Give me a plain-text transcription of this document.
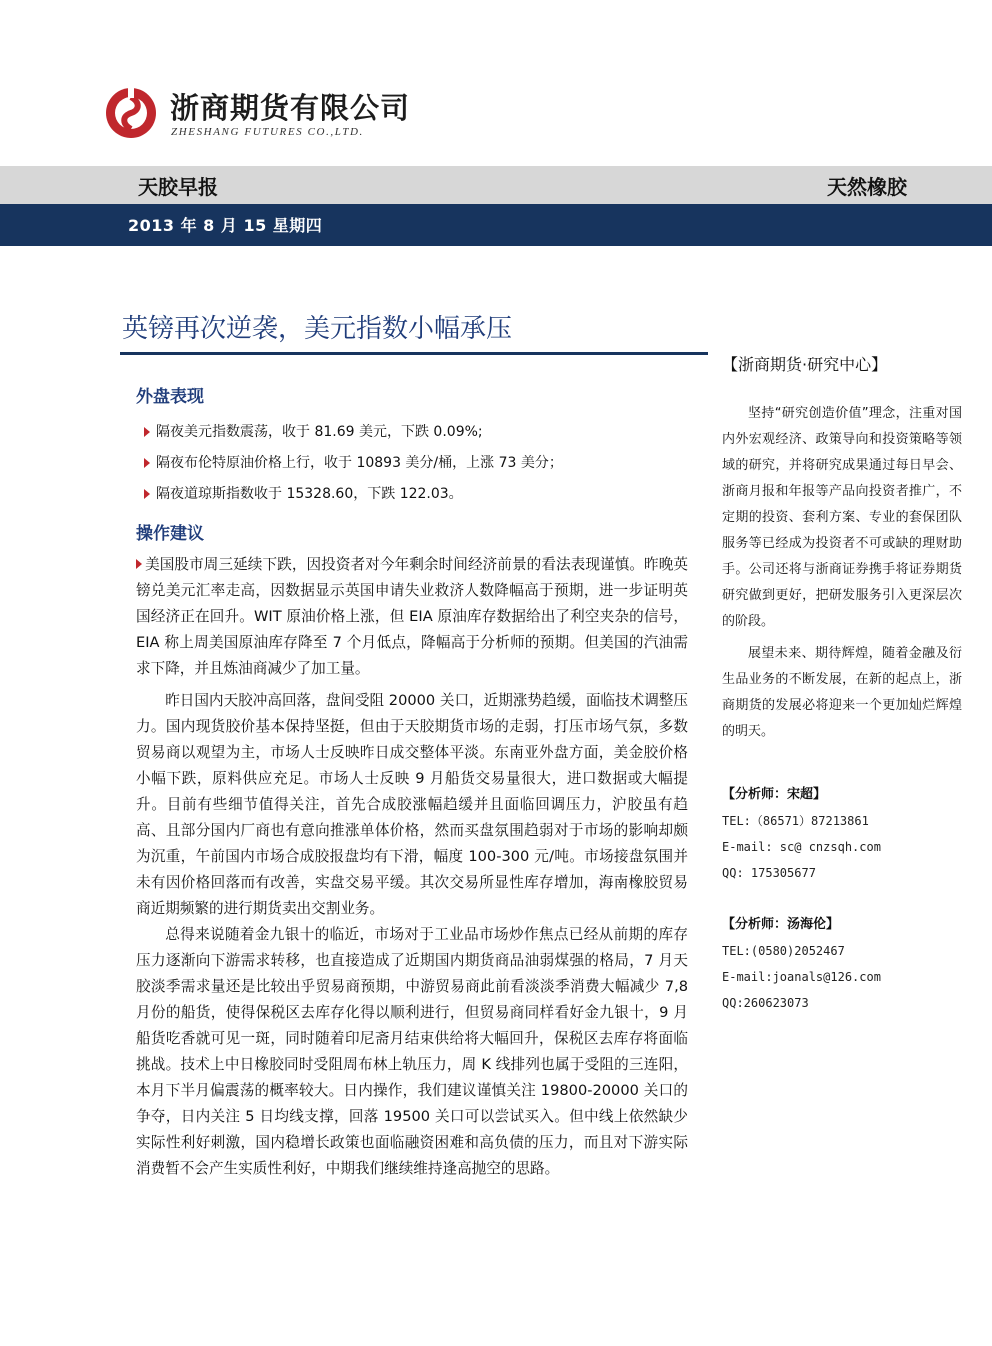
浙商期货有限公司
ZHESHANG FUTURES CO.,LTD.
天胶早报	天然橡胶
2013 年 8 月 15 星期四
英镑再次逆袭，美元指数小幅承压
外盘表现
隔夜美元指数震荡，收于 81.69 美元，下跌 0.09%;
隔夜布伦特原油价格上行，收于 10893 美分/桶，上涨 73 美分；
隔夜道琼斯指数收于 15328.60，下跌 122.03。
操作建议

美国股市周三延续下跌，因投资者对今年剩余时间经济前景的看法表现谨慎。昨晚英镑兑美元汇率走高，因数据显示英国申请失业救济人数降幅高于预期，进一步证明英国经济正在回升。WIT 原油价格上涨，但 EIA 原油库存数据给出了利空夹杂的信号，EIA 称上周美国原油库存降至 7 个月低点，降幅高于分析师的预期。但美国的汽油需求下降，并且炼油商减少了加工量。

昨日国内天胶冲高回落，盘间受阻 20000 关口，近期涨势趋缓，面临技术调整压力。国内现货胶价基本保持坚挺，但由于天胶期货市场的走弱，打压市场气氛，多数贸易商以观望为主，市场人士反映昨日成交整体平淡。东南亚外盘方面，美金胶价格小幅下跌，原料供应充足。市场人士反映 9 月船货交易量很大，进口数据或大幅提升。目前有些细节值得关注，首先合成胶涨幅趋缓并且面临回调压力，沪胶虽有趋高、且部分国内厂商也有意向推涨单体价格，然而买盘氛围趋弱对于市场的影响却颇为沉重，午前国内市场合成胶报盘均有下滑，幅度 100-300 元/吨。市场接盘氛围并未有因价格回落而有改善，实盘交易平缓。其次交易所显性库存增加，海南橡胶贸易商近期频繁的进行期货卖出交割业务。

总得来说随着金九银十的临近，市场对于工业品市场炒作焦点已经从前期的库存压力逐渐向下游需求转移，也直接造成了近期国内期货商品油弱煤强的格局，7 月天胶淡季需求量还是比较出乎贸易商预期，中游贸易商此前看淡淡季消费大幅减少 7,8 月份的船货，使得保税区去库存化得以顺利进行，但贸易商同样看好金九银十，9 月船货吃香就可见一斑，同时随着印尼斋月结束供给将大幅回升，保税区去库存将面临挑战。技术上中日橡胶同时受阻周布林上轨压力，周 K 线排列也属于受阻的三连阳，本月下半月偏震荡的概率较大。日内操作，我们建议谨慎关注 19800-20000 关口的争夺，日内关注 5 日均线支撑，回落 19500 关口可以尝试买入。但中线上依然缺少实际性利好刺激，国内稳增长政策也面临融资困难和高负债的压力，而且对下游实际消费暂不会产生实质性利好，中期我们继续维持逢高抛空的思路。

【浙商期货·研究中心】

坚持“研究创造价值”理念，注重对国内外宏观经济、政策导向和投资策略等领域的研究，并将研究成果通过每日早会、浙商月报和年报等产品向投资者推广，不定期的投资、套利方案、专业的套保团队服务等已经成为投资者不可或缺的理财助手。公司还将与浙商证券携手将证券期货研究做到更好，把研发服务引入更深层次的阶段。

展望未来、期待辉煌，随着金融及衍生品业务的不断发展，在新的起点上，浙商期货的发展必将迎来一个更加灿烂辉煌的明天。

【分析师：宋超】
TEL:（86571）87213861
E-mail: sc@ cnzsqh.com
QQ: 175305677
【分析师：汤海伦】
TEL:(0580)2052467
E-mail:joanals@126.com
QQ:260623073
